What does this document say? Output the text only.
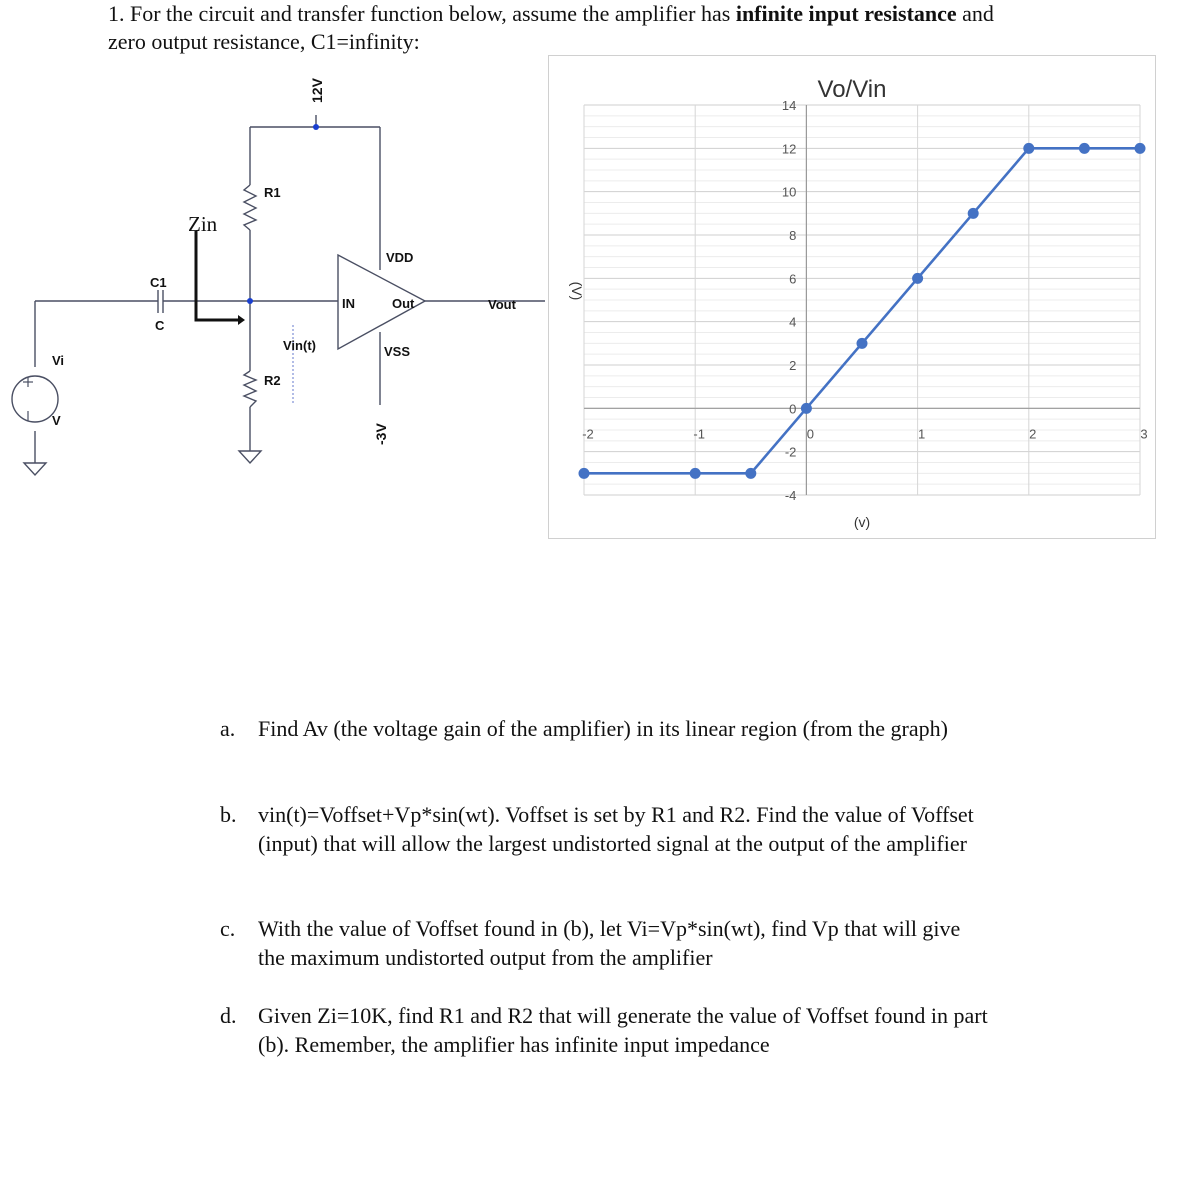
1. For the circuit and transfer function below, assume the amplifier has infinite input resistance and zero output resistance, C1=infinity:
12V
-3V
R1
R2
C1
C
Zin
VDD
VSS
IN	Out	Vout
Vin(t)
Vi
V
-2	-1	0	1	2	3
-4
-2
0
2
4
6
8
10
12
14
Vo/Vin
(v)
(V)
a.	Find Av (the voltage gain of the amplifier) in its linear region (from the graph)
b. vin(t)=Voffset+Vp*sin(wt). Voffset is set by R1 and R2. Find the value of Voffset (input) that will allow the largest undistorted signal at the output of the amplifier
c.	With the value of Voffset found in (b), let Vi=Vp*sin(wt), find Vp that will give the maximum undistorted output from the amplifier
d. Given Zi=10K, find R1 and R2 that will generate the value of Voffset found in part (b). Remember, the amplifier has infinite input impedance
